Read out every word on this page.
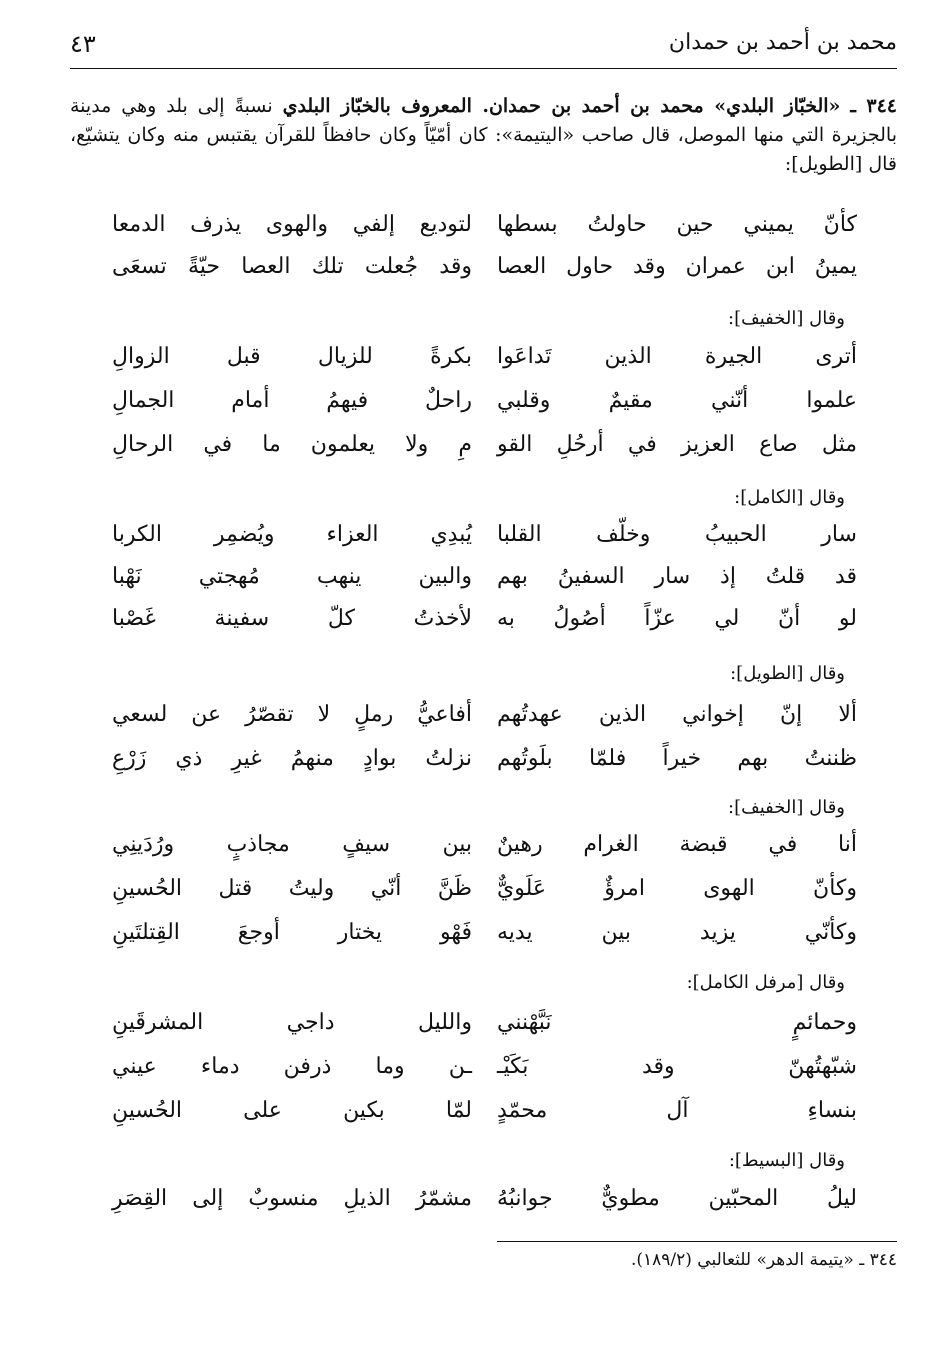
محمد بن أحمد بن حمدان
٤٣
٣٤٤ ـ «الخبّاز البلدي» محمد بن أحمد بن حمدان. المعروف بالخبّاز البلدي نسبةً إلى بلد وهي مدينة بالجزيرة التي منها الموصل، قال صاحب «اليتيمة»: كان أمّيّاً وكان حافظاً للقرآن يقتبس منه وكان يتشيّع، قال [الطويل]:
كأنّ يميني حين حاولتُ بسطها
لتوديع إلفي والهوى يذرف الدمعا
يمينُ ابن عمران وقد حاول العصا
وقد جُعلت تلك العصا حيّةً تسعَى
وقال [الخفيف]:
أترى الجيرة الذين تَداعَوا
بكرةً للزيال قبل الزوالِ
علموا أنّني مقيمٌ وقلبي
راحلٌ فيهمُ أمام الجمالِ
مثل صاع العزيز في أرحُلِ القو
مِ ولا يعلمون ما في الرحالِ
وقال [الكامل]:
سار الحبيبُ وخلّف القلبا
يُبدِي العزاء ويُضمِر الكربا
قد قلتُ إذ سار السفينُ بهم
والبين ينهب مُهجتي نَهْبا
لو أنّ لي عزّاً أصُولُ به
لأخذتُ كلّ سفينة غَصْبا
وقال [الطويل]:
ألا إنّ إخواني الذين عهدتُهم
أفاعيُّ رملٍ لا تقصّرُ عن لسعي
ظننتُ بهم خيراً فلمّا بلَوتُهم
نزلتُ بوادٍ منهمُ غيرِ ذي زَرْعِ
وقال [الخفيف]:
أنا في قبضة الغرام رهينٌ
بين سيفٍ مجاذبٍ ورُدَينِي
وكأنّ الهوى امرؤٌ عَلَويٌّ
ظَنَّ أنّي وليتُ قتل الحُسينِ
وكأنّي يزيد بين يديه
فَهْو يختار أوجعَ القِتلتَينِ
وقال [مرفل الكامل]:
وحمائمٍ نَبَّهْنني
والليل داجي المشرقَينِ
شبّهتُهنّ وقد بَكَيْـ
ـن وما ذرفن دماء عيني
بنساءِ آل محمّدٍ
لمّا بكين على الحُسينِ
وقال [البسيط]:
ليلُ المحبّين مطويٌّ جوانبُهُ
مشمّرُ الذيلِ منسوبٌ إلى القِصَرِ
٣٤٤ ـ «يتيمة الدهر» للثعالبي (١٨٩/٢).
